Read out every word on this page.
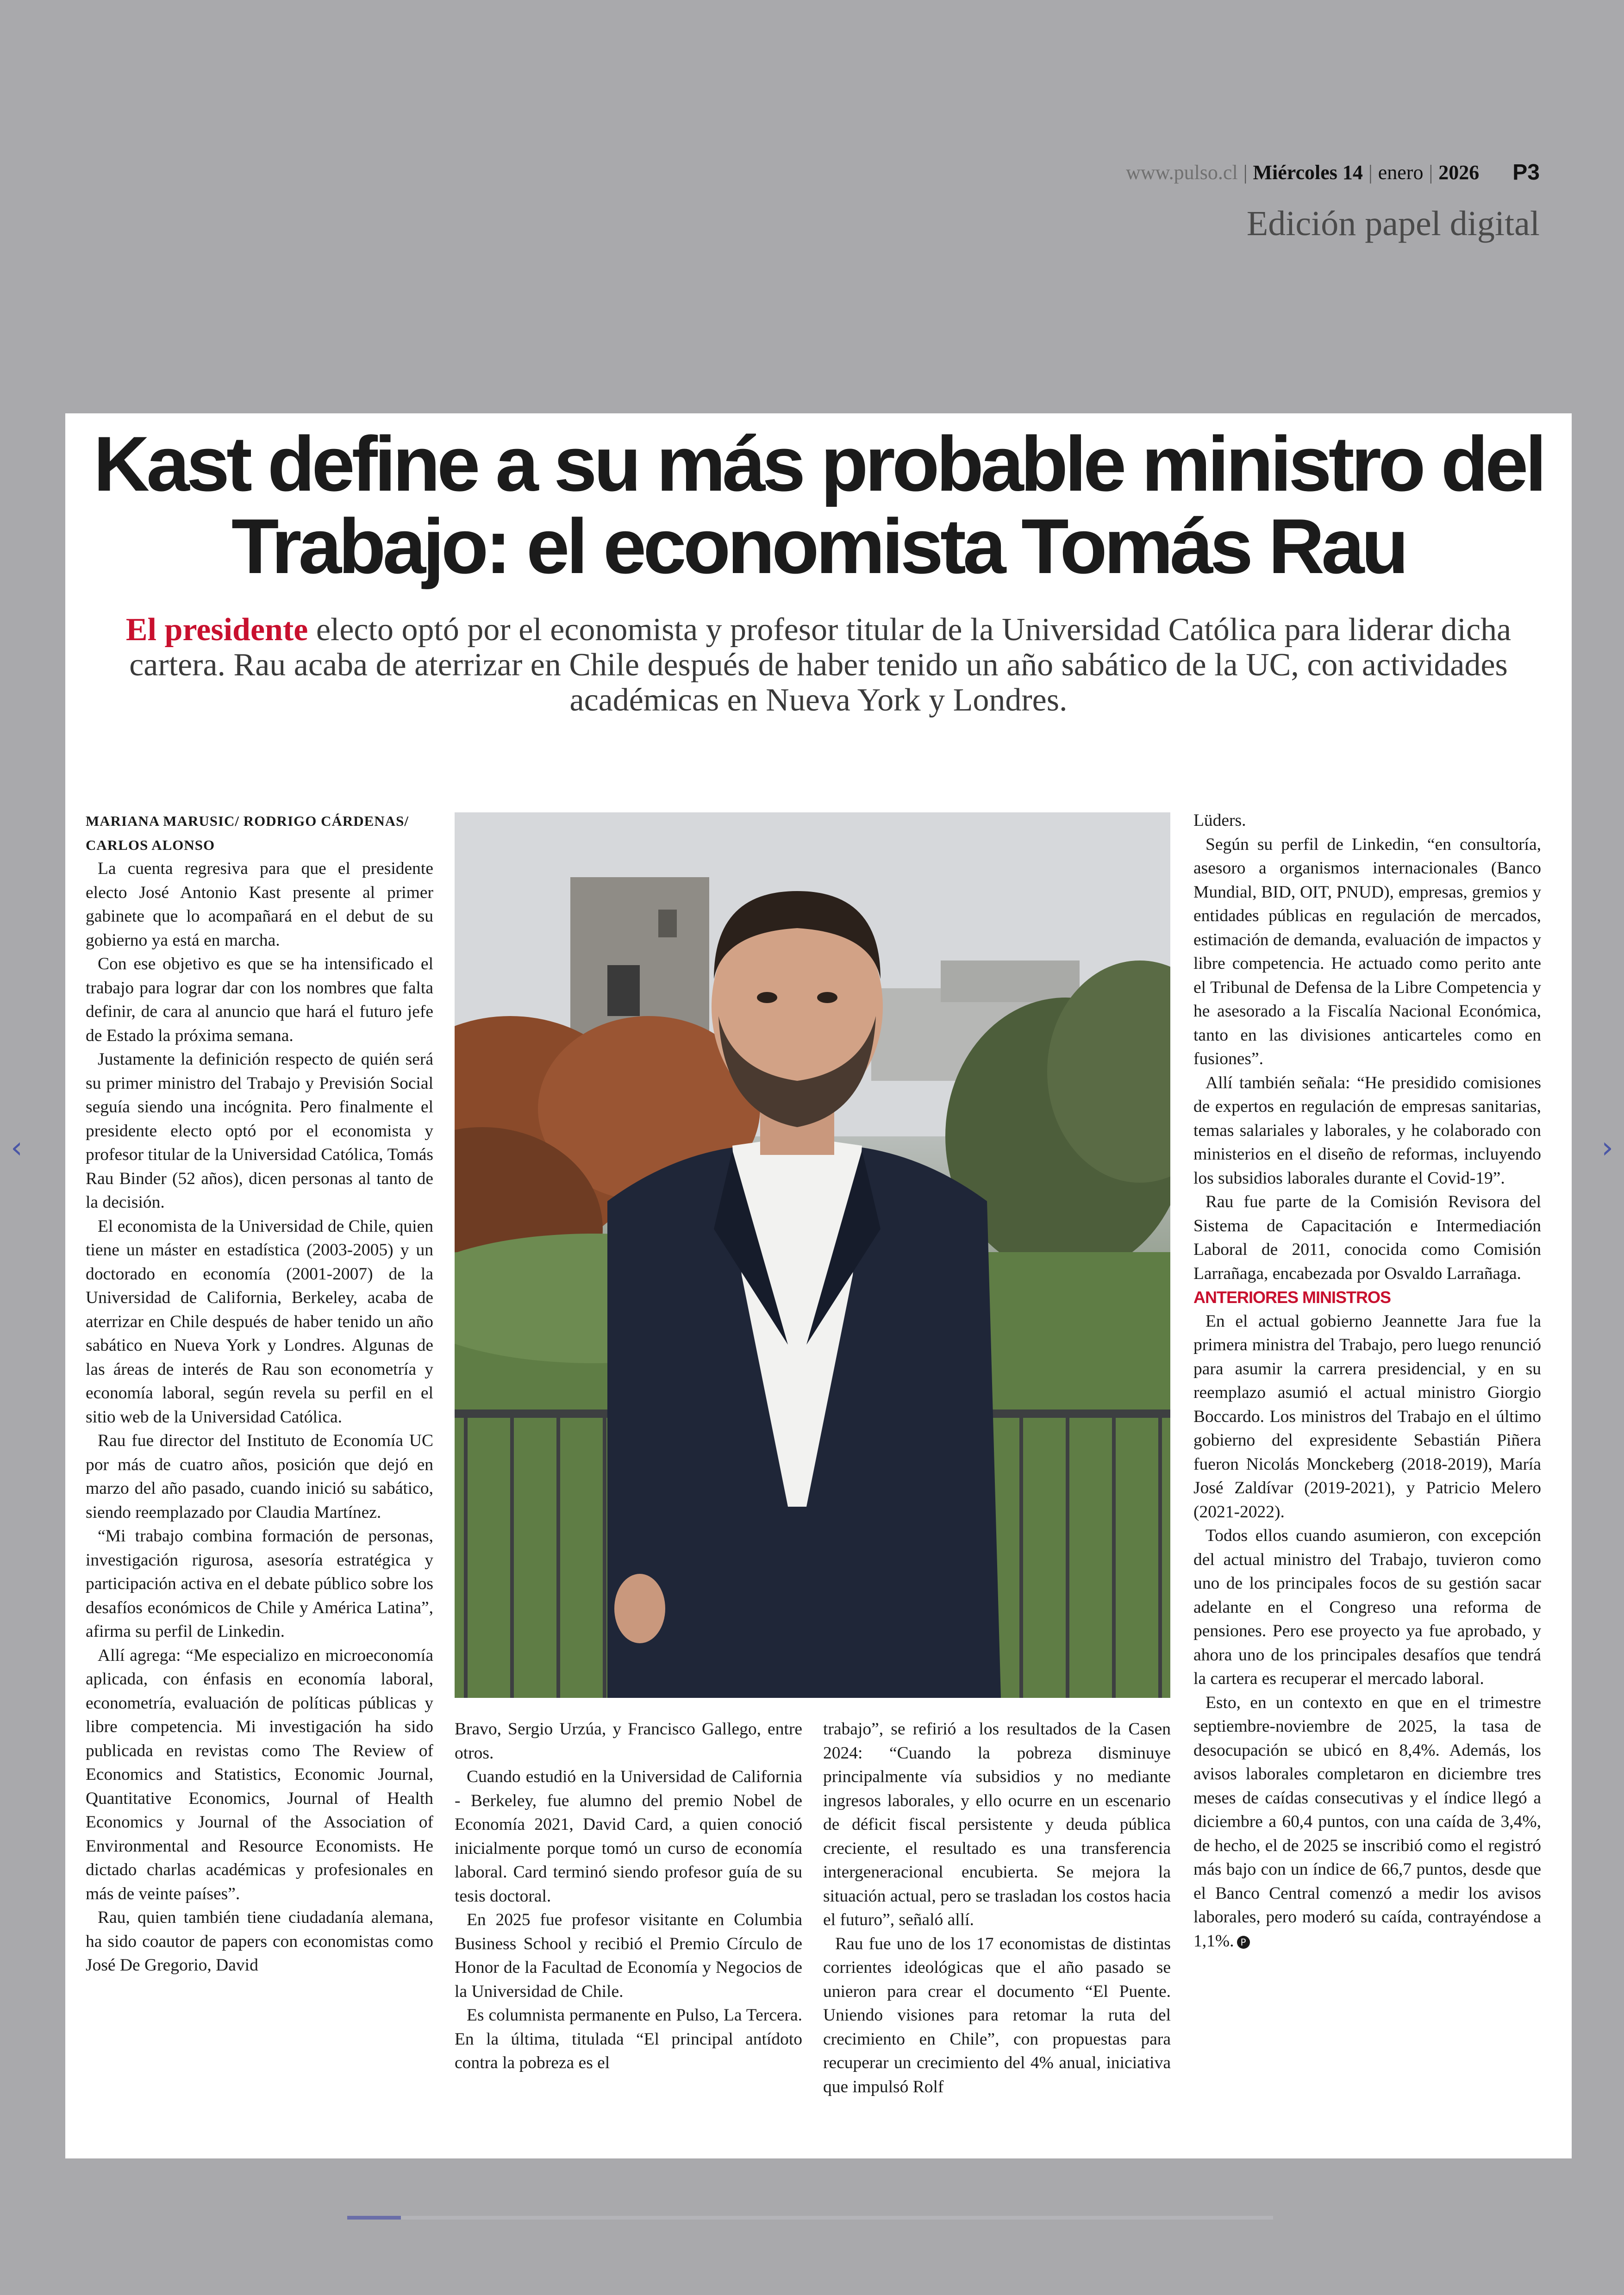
www.pulso.cl | Miércoles 14 | enero | 2026 P3
Edición papel digital
‹	›
Kast define a su más probable ministro del
Trabajo: el economista Tomás Rau

El presidente electo optó por el economista y profesor titular de la Universidad Católica para liderar dicha cartera. Rau acaba de aterrizar en Chile después de haber tenido un año sabático de la UC, con actividades académicas en Nueva York y Londres.

MARIANA MARUSIC/ RODRIGO CÁRDENAS/

CARLOS ALONSO

La cuenta regresiva para que el presidente electo José Antonio Kast presente al primer gabinete que lo acompañará en el debut de su gobierno ya está en marcha.

Con ese objetivo es que se ha intensificado el trabajo para lograr dar con los nombres que falta definir, de cara al anuncio que hará el futuro jefe de Estado la próxima semana.

Justamente la definición respecto de quién será su primer ministro del Trabajo y Previsión Social seguía siendo una incógnita. Pero finalmente el presidente electo optó por el economista y profesor titular de la Universidad Católica, Tomás Rau Binder (52 años), dicen personas al tanto de la decisión.

El economista de la Universidad de Chile, quien tiene un máster en estadística (2003-2005) y un doctorado en economía (2001-2007) de la Universidad de California, Berkeley, acaba de aterrizar en Chile después de haber tenido un año sabático en Nueva York y Londres. Algunas de las áreas de interés de Rau son econometría y economía laboral, según revela su perfil en el sitio web de la Universidad Católica.

Rau fue director del Instituto de Economía UC por más de cuatro años, posición que dejó en marzo del año pasado, cuando inició su sabático, siendo reemplazado por Claudia Martínez.

“Mi trabajo combina formación de personas, investigación rigurosa, asesoría estratégica y participación activa en el debate público sobre los desafíos económicos de Chile y América Latina”, afirma su perfil de Linkedin.

Allí agrega: “Me especializo en microeconomía aplicada, con énfasis en economía laboral, econometría, evaluación de políticas públicas y libre competencia. Mi investigación ha sido publicada en revistas como The Review of Economics and Statistics, Economic Journal, Quantitative Economics, Journal of Health Economics y Journal of the Association of Environmental and Resource Economists. He dictado charlas académicas y profesionales en más de veinte países”.

Rau, quien también tiene ciudadanía alemana, ha sido coautor de papers con economistas como José De Gregorio, David

Bravo, Sergio Urzúa, y Francisco Gallego, entre otros.

Cuando estudió en la Universidad de California - Berkeley, fue alumno del premio Nobel de Economía 2021, David Card, a quien conoció inicialmente porque tomó un curso de economía laboral. Card terminó siendo profesor guía de su tesis doctoral.

En 2025 fue profesor visitante en Columbia Business School y recibió el Premio Círculo de Honor de la Facultad de Economía y Negocios de la Universidad de Chile.

Es columnista permanente en Pulso, La Tercera. En la última, titulada “El principal antídoto contra la pobreza es el

trabajo”, se refirió a los resultados de la Casen 2024: “Cuando la pobreza disminuye principalmente vía subsidios y no mediante ingresos laborales, y ello ocurre en un escenario de déficit fiscal persistente y deuda pública creciente, el resultado es una transferencia intergeneracional encubierta. Se mejora la situación actual, pero se trasladan los costos hacia el futuro”, señaló allí.

Rau fue uno de los 17 economistas de distintas corrientes ideológicas que el año pasado se unieron para crear el documento “El Puente. Uniendo visiones para retomar la ruta del crecimiento en Chile”, con propuestas para recuperar un crecimiento del 4% anual, iniciativa que impulsó Rolf

Lüders.

Según su perfil de Linkedin, “en consultoría, asesoro a organismos internacionales (Banco Mundial, BID, OIT, PNUD), empresas, gremios y entidades públicas en regulación de mercados, estimación de demanda, evaluación de impactos y libre competencia. He actuado como perito ante el Tribunal de Defensa de la Libre Competencia y he asesorado a la Fiscalía Nacional Económica, tanto en las divisiones anticarteles como en fusiones”.

Allí también señala: “He presidido comisiones de expertos en regulación de empresas sanitarias, temas salariales y laborales, y he colaborado con ministerios en el diseño de reformas, incluyendo los subsidios laborales durante el Covid-19”.

Rau fue parte de la Comisión Revisora del Sistema de Capacitación e Intermediación Laboral de 2011, conocida como Comisión Larrañaga, encabezada por Osvaldo Larrañaga.

ANTERIORES MINISTROS

En el actual gobierno Jeannette Jara fue la primera ministra del Trabajo, pero luego renunció para asumir la carrera presidencial, y en su reemplazo asumió el actual ministro Giorgio Boccardo. Los ministros del Trabajo en el último gobierno del expresidente Sebastián Piñera fueron Nicolás Monckeberg (2018-2019), María José Zaldívar (2019-2021), y Patricio Melero (2021-2022).

Todos ellos cuando asumieron, con excepción del actual ministro del Trabajo, tuvieron como uno de los principales focos de su gestión sacar adelante en el Congreso una reforma de pensiones. Pero ese proyecto ya fue aprobado, y ahora uno de los principales desafíos que tendrá la cartera es recuperar el mercado laboral.

Esto, en un contexto en que en el trimestre septiembre-noviembre de 2025, la tasa de desocupación se ubicó en 8,4%. Además, los avisos laborales completaron en diciembre tres meses de caídas consecutivas y el índice llegó a diciembre a 60,4 puntos, con una caída de 3,4%, de hecho, el de 2025 se inscribió como el registró más bajo con un índice de 66,7 puntos, desde que el Banco Central comenzó a medir los avisos laborales, pero moderó su caída, contrayéndose a 1,1%. P
